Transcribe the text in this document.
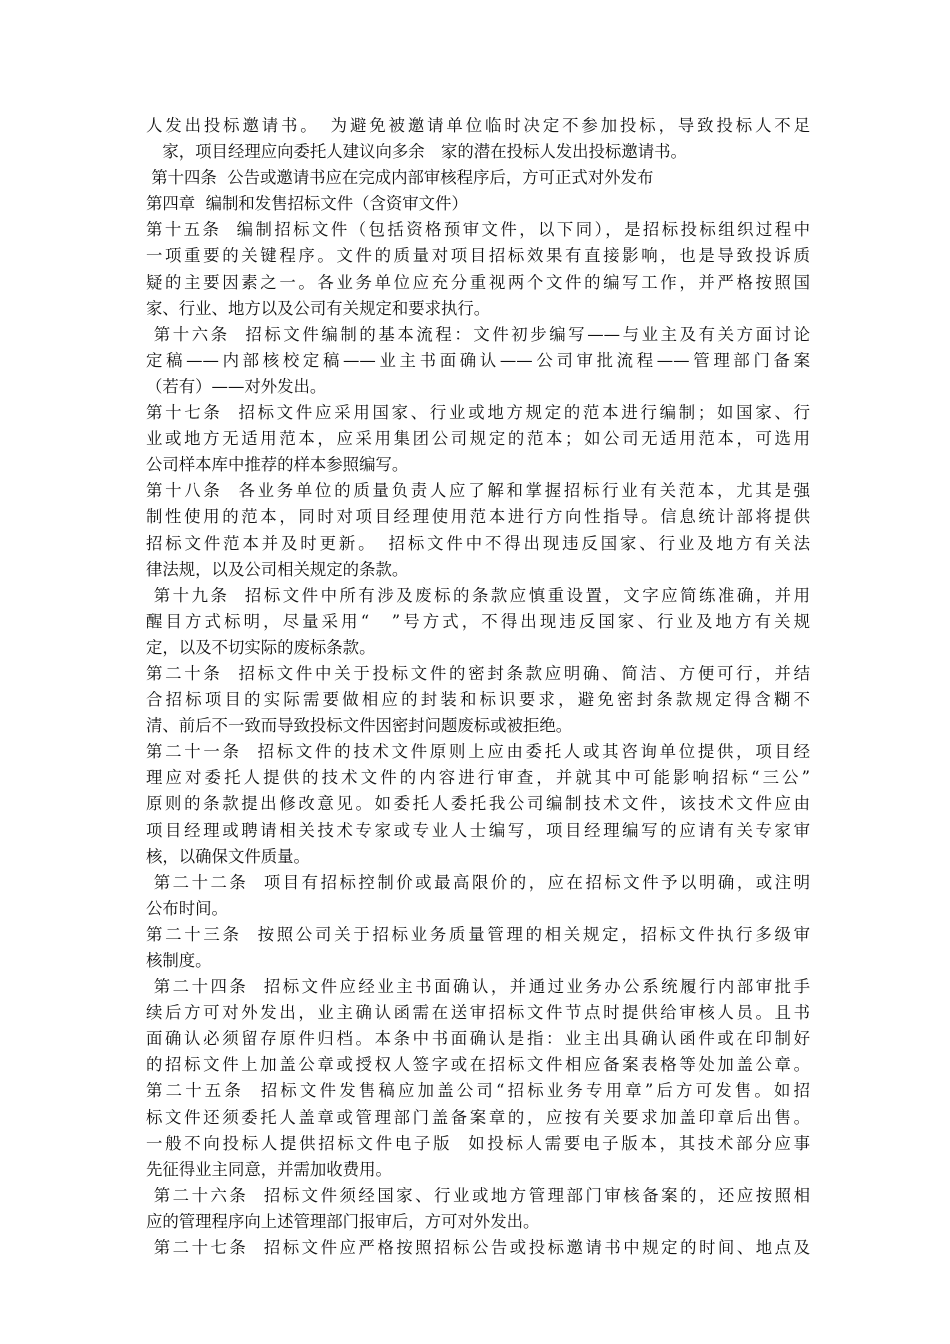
人发出投标邀请书。　为避免被邀请单位临时决定不参加投标，导致投标人不足
　家，项目经理应向委托人建议向多余　家的潜在投标人发出投标邀请书。
第十四条  公告或邀请书应在完成内部审核程序后，方可正式对外发布
第四章  编制和发售招标文件（含资审文件）
第十五条  编制招标文件（包括资格预审文件，以下同），是招标投标组织过程中
一项重要的关键程序。文件的质量对项目招标效果有直接影响，也是导致投诉质
疑的主要因素之一。各业务单位应充分重视两个文件的编写工作，并严格按照国
家、行业、地方以及公司有关规定和要求执行。
第十六条  招标文件编制的基本流程：文件初步编写——与业主及有关方面讨论
定稿——内部核校定稿——业主书面确认——公司审批流程——管理部门备案
（若有）——对外发出。
第十七条  招标文件应采用国家、行业或地方规定的范本进行编制；如国家、行
业或地方无适用范本，应采用集团公司规定的范本；如公司无适用范本，可选用
公司样本库中推荐的样本参照编写。
第十八条  各业务单位的质量负责人应了解和掌握招标行业有关范本，尤其是强
制性使用的范本，同时对项目经理使用范本进行方向性指导。信息统计部将提供
招标文件范本并及时更新。　招标文件中不得出现违反国家、行业及地方有关法
律法规，以及公司相关规定的条款。
第十九条  招标文件中所有涉及废标的条款应慎重设置，文字应简练准确，并用
醒目方式标明，尽量采用“　”号方式，不得出现违反国家、行业及地方有关规
定，以及不切实际的废标条款。
第二十条  招标文件中关于投标文件的密封条款应明确、简洁、方便可行，并结
合招标项目的实际需要做相应的封装和标识要求，避免密封条款规定得含糊不
清、前后不一致而导致投标文件因密封问题废标或被拒绝。
第二十一条  招标文件的技术文件原则上应由委托人或其咨询单位提供，项目经
理应对委托人提供的技术文件的内容进行审查，并就其中可能影响招标“三公”
原则的条款提出修改意见。如委托人委托我公司编制技术文件，该技术文件应由
项目经理或聘请相关技术专家或专业人士编写，项目经理编写的应请有关专家审
核，以确保文件质量。
第二十二条  项目有招标控制价或最高限价的，应在招标文件予以明确，或注明
公布时间。
第二十三条  按照公司关于招标业务质量管理的相关规定，招标文件执行多级审
核制度。
第二十四条  招标文件应经业主书面确认，并通过业务办公系统履行内部审批手
续后方可对外发出，业主确认函需在送审招标文件节点时提供给审核人员。且书
面确认必须留存原件归档。本条中书面确认是指：业主出具确认函件或在印制好
的招标文件上加盖公章或授权人签字或在招标文件相应备案表格等处加盖公章。
第二十五条  招标文件发售稿应加盖公司“招标业务专用章”后方可发售。如招
标文件还须委托人盖章或管理部门盖备案章的，应按有关要求加盖印章后出售。
一般不向投标人提供招标文件电子版  如投标人需要电子版本，其技术部分应事
先征得业主同意，并需加收费用。
第二十六条  招标文件须经国家、行业或地方管理部门审核备案的，还应按照相
应的管理程序向上述管理部门报审后，方可对外发出。
第二十七条  招标文件应严格按照招标公告或投标邀请书中规定的时间、地点及
